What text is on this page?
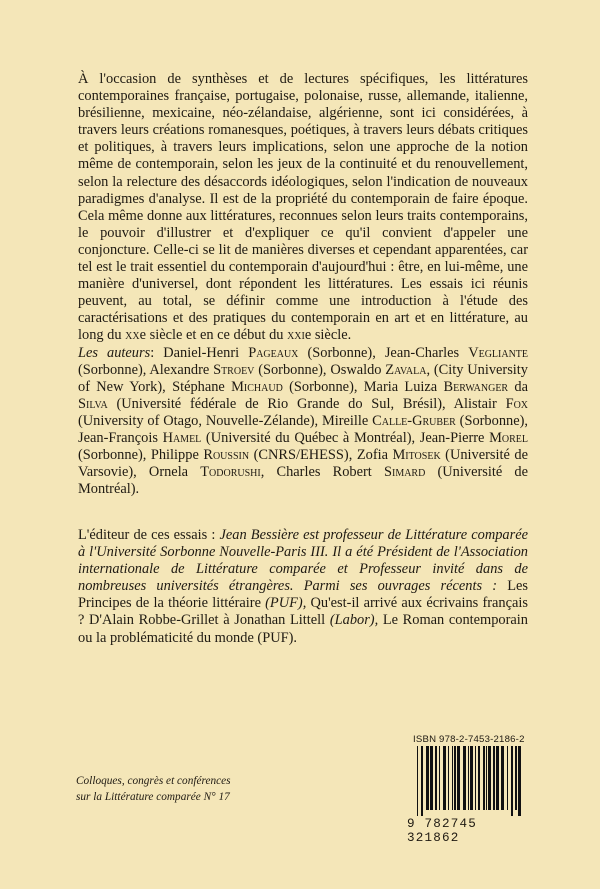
À l'occasion de synthèses et de lectures spécifiques, les littératures contemporaines française, portugaise, polonaise, russe, allemande, italienne, brésilienne, mexicaine, néo-zélandaise, algérienne, sont ici considérées, à travers leurs créations romanesques, poétiques, à travers leurs débats critiques et politiques, à travers leurs implications, selon une approche de la notion même de contemporain, selon les jeux de la continuité et du renouvellement, selon la relecture des désaccords idéologiques, selon l'indication de nouveaux paradigmes d'analyse. Il est de la propriété du contemporain de faire époque. Cela même donne aux littératures, reconnues selon leurs traits contemporains, le pouvoir d'illustrer et d'expliquer ce qu'il convient d'appeler une conjoncture. Celle-ci se lit de manières diverses et cependant apparentées, car tel est le trait essentiel du contemporain d'aujourd'hui : être, en lui-même, une manière d'universel, dont répondent les littératures. Les essais ici réunis peuvent, au total, se définir comme une introduction à l'étude des caractérisations et des pratiques du contemporain en art et en littérature, au long du xxe siècle et en ce début du xxie siècle.

Les auteurs: Daniel-Henri Pageaux (Sorbonne), Jean-Charles Vegliante (Sorbonne), Alexandre Stroev (Sorbonne), Oswaldo Zavala, (City University of New York), Stéphane Michaud (Sorbonne), Maria Luiza Berwanger da Silva (Université fédérale de Rio Grande do Sul, Brésil), Alistair Fox (University of Otago, Nouvelle-Zélande), Mireille Calle-Gruber (Sorbonne), Jean-François Hamel (Université du Québec à Montréal), Jean-Pierre Morel (Sorbonne), Philippe Roussin (CNRS/EHESS), Zofia Mitosek (Université de Varsovie), Ornela Todorushi, Charles Robert Simard (Université de Montréal).

L'éditeur de ces essais : Jean Bessière est professeur de Littérature comparée à l'Université Sorbonne Nouvelle-Paris III. Il a été Président de l'Association internationale de Littérature comparée et Professeur invité dans de nombreuses universités étrangères. Parmi ses ouvrages récents : Les Principes de la théorie littéraire (PUF), Qu'est-il arrivé aux écrivains français ? D'Alain Robbe-Grillet à Jonathan Littell (Labor), Le Roman contemporain ou la problématicité du monde (PUF).
Colloques, congrès et conférences
sur la Littérature comparée N° 17
ISBN 978-2-7453-2186-2
9 782745 321862
